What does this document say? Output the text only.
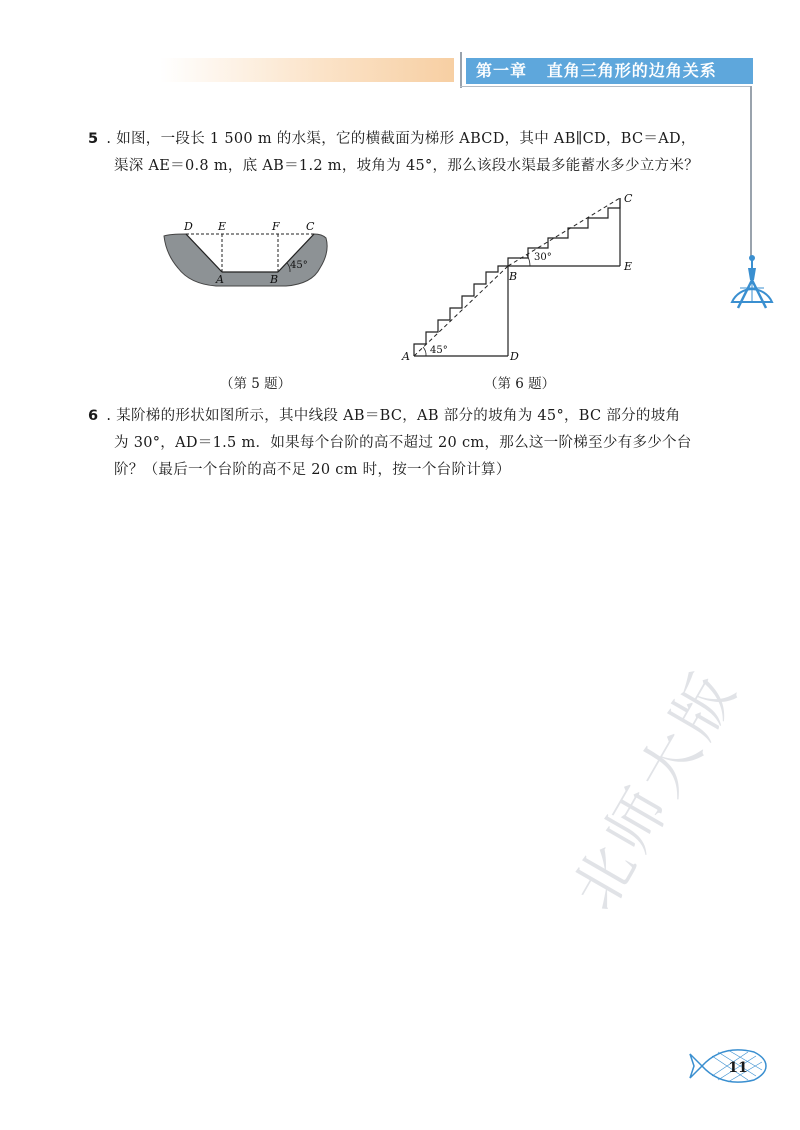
第一章   直角三角形的边角关系
5 . 如图，一段长 1 500 m 的水渠，它的横截面为梯形 ABCD，其中 AB∥CD，BC＝AD，
渠深 AE＝0.8 m，底 AB＝1.2 m，坡角为 45°，那么该段水渠最多能蓄水多少立方米？
D E	F C
A	B
45°
（第 5 题）
C
B
E
A	D
30°
45°
（第 6 题）
6 . 某阶梯的形状如图所示，其中线段 AB＝BC，AB 部分的坡角为 45°，BC 部分的坡角
为 30°，AD＝1.5 m．如果每个台阶的高不超过 20 cm，那么这一阶梯至少有多少个台
阶？（最后一个台阶的高不足 20 cm 时，按一个台阶计算）
北师大版
11
